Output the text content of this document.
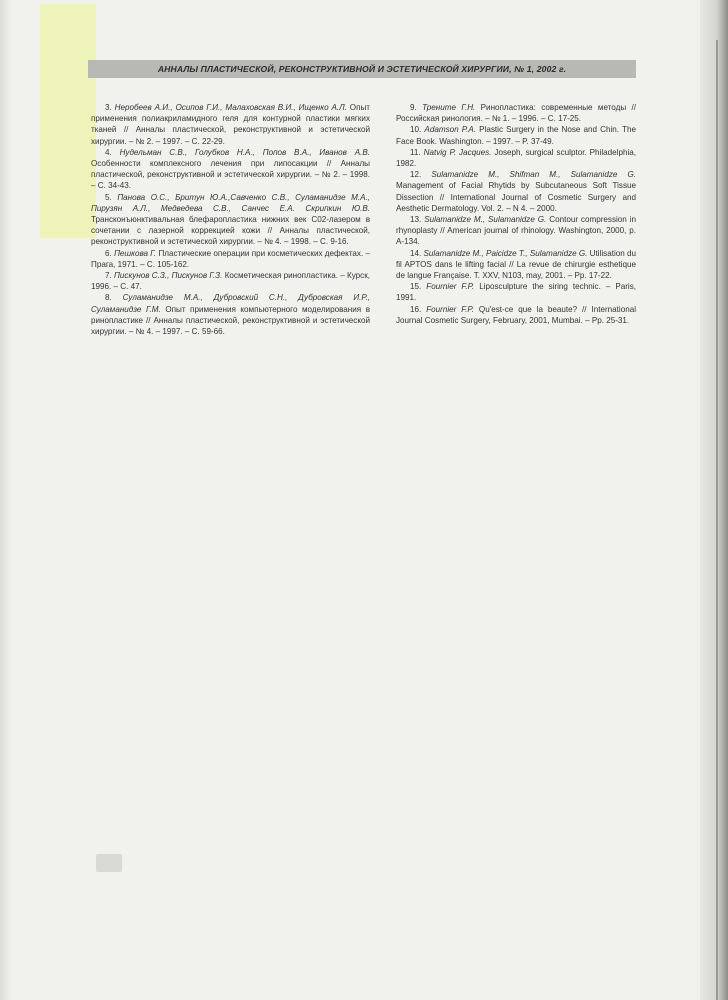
АННАЛЫ ПЛАСТИЧЕСКОЙ, РЕКОНСТРУКТИВНОЙ И ЭСТЕТИЧЕСКОЙ ХИРУРГИИ, № 1, 2002 г.

3. Неробеев А.И., Осипов Г.И., Малаховская В.И., Ищенко А.Л. Опыт применения полиакриламидного геля для контурной пластики мягких тканей // Анналы пластической, реконструктивной и эстетической хирургии. – № 2. – 1997. – С. 22-29.

4. Нудельман С.В., Голубков Н.А., Попов В.А., Иванов А.В. Особенности комплексного лечения при липосакции // Анналы пластической, реконструктивной и эстетической хирургии. – № 2. – 1998. – С. 34-43.

5. Панова О.С., Бритун Ю.А.,Савченко С.В., Суламанидзе М.А., Пирузян А.Л., Медведева С.В., Санчес Е.А. Скрипкин Ю.В. Трансконъюнктивальная блефаропластика нижних век С02-лазером в сочетании с лазерной коррекцией кожи // Анналы пластической, реконструктивной и эстетической хирургии. – № 4. – 1998. – С. 9-16.

6. Пешкова Г. Пластические операции при косметических дефектах. – Прага, 1971. – С. 105-162.

7. Пискунов С.З., Пискунов Г.З. Косметическая ринопластика. – Курск, 1996. – С. 47.

8. Суламанидзе М.А., Дубровский С.Н., Дубровская И.Р., Суламанидзе Г.М. Опыт применения компьютерного моделирования в ринопластике // Анналы пластической, реконструктивной и эстетической хирургии. – № 4. – 1997. – С. 59-66.

9. Трените Г.Н. Ринопластика: современные методы // Российская ринология. – № 1. – 1996. – С. 17-25.

10. Adamson P.A. Plastic Surgery in the Nose and Chin. The Face Book. Washington. – 1997. – P. 37-49.

11. Natvig P. Jacques. Joseph, surgical sculptor. Philadelphia, 1982.

12. Sulamanidze M., Shifman M., Sulamanidze G. Management of Facial Rhytids by Subcutaneous Soft Tissue Dissection // International Journal of Cosmetic Surgery and Aesthetic Dermatology. Vol. 2. – N 4. – 2000.

13. Sulamanidze M., Sulamanidze G. Contour compression in rhynoplasty // American journal of rhinology. Washington, 2000, p. A-134.

14. Sulamanidze M., Paicidze T., Sulamanidze G. Utilisation du fil APTOS dans le lifting facial // La revue de chirurgie esthetique de langue Française. T. XXV, N103, may, 2001. – Pp. 17-22.

15. Fournier F.P. Liposculpture the siring technic. – Paris, 1991.

16. Fournier F.P. Qu'est-ce que la beaute? // International Journal Cosmetic Surgery, February, 2001, Mumbai. – Pp. 25-31.
